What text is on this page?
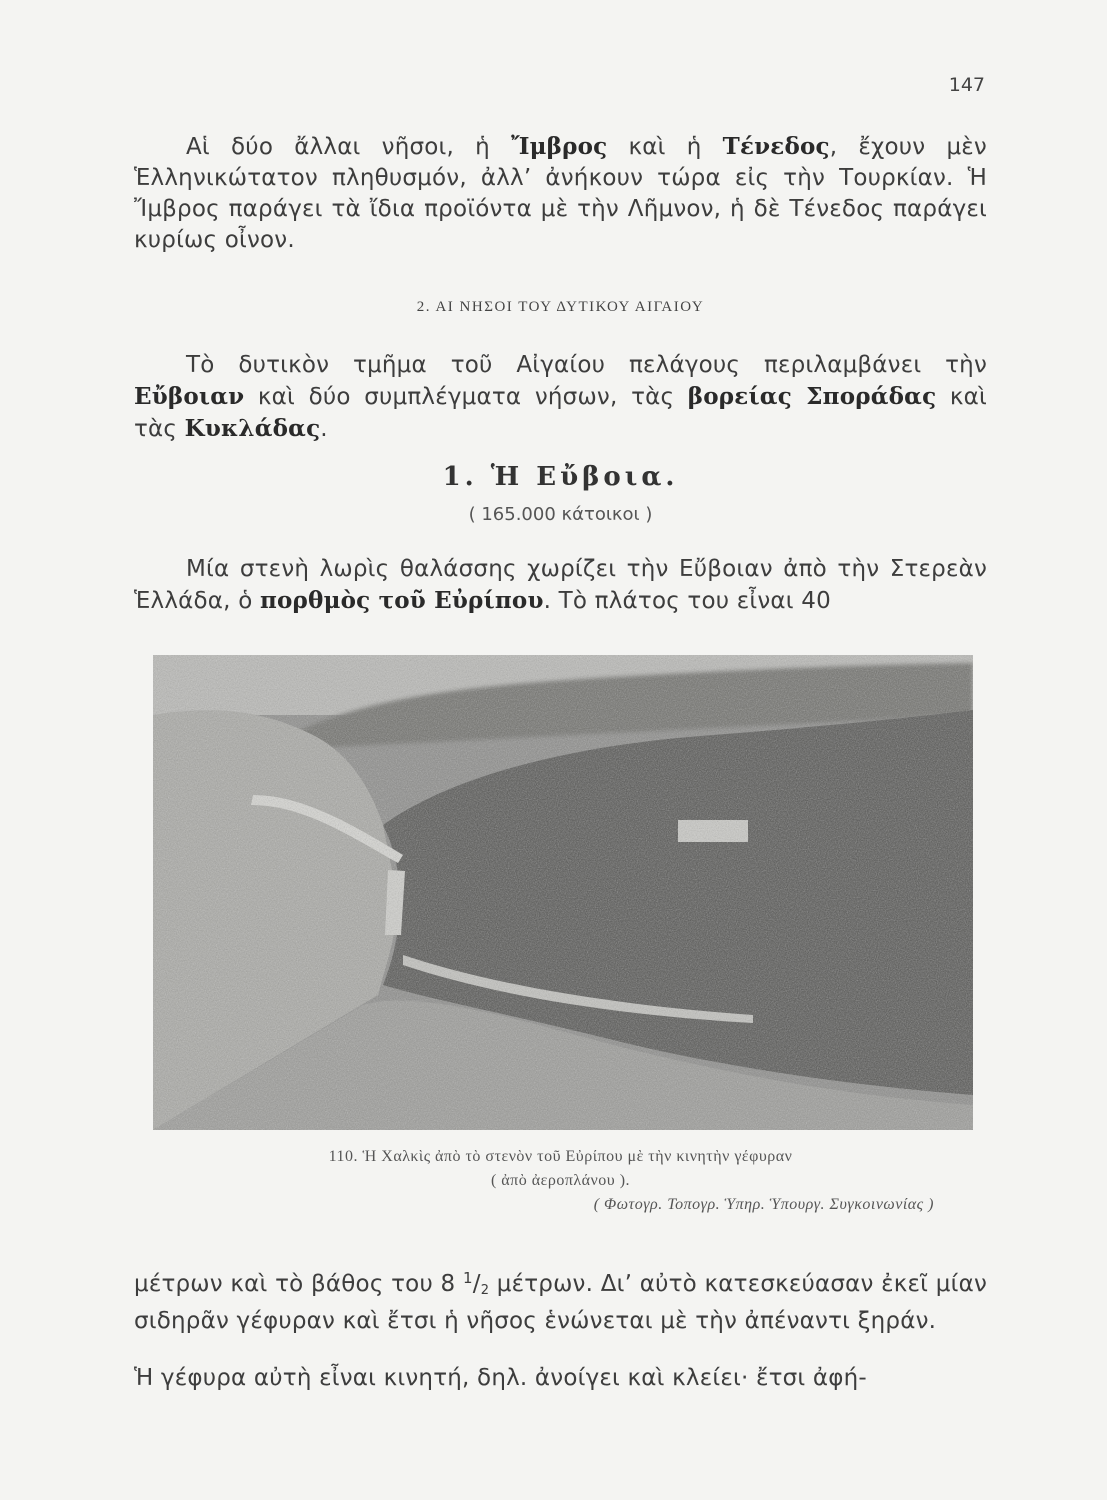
147
Αἱ δύο ἄλλαι νῆσοι, ἡ Ἴμβρος καὶ ἡ Τένεδος, ἔχουν μὲν Ἑλληνικώτατον πληθυσμόν, ἀλλ’ ἀνήκουν τώρα εἰς τὴν Τουρκίαν. Ἡ Ἴμβρος παράγει τὰ ἴδια προϊόντα μὲ τὴν Λῆμνον, ἡ δὲ Τένεδος παράγει κυρίως οἶνον.
2. ΑΙ ΝΗΣΟΙ ΤΟΥ ΔΥΤΙΚΟΥ ΑΙΓΑΙΟΥ
Τὸ δυτικὸν τμῆμα τοῦ Αἰγαίου πελάγους περιλαμβάνει τὴν Εὔβοιαν καὶ δύο συμπλέγματα νήσων, τὰς βορείας Σποράδας καὶ τὰς Κυκλάδας.
1. Ἡ Εὔβοια.
( 165.000 κάτοικοι )
Μία στενὴ λωρὶς θαλάσσης χωρίζει τὴν Εὔβοιαν ἀπὸ τὴν Στερεὰν Ἑλλάδα, ὁ πορθμὸς τοῦ Εὐρίπου. Τὸ πλάτος του εἶναι 40
110. Ἡ Χαλκὶς ἀπὸ τὸ στενὸν τοῦ Εὐρίπου μὲ τὴν κινητὴν γέφυραν
( ἀπὸ ἀεροπλάνου ).
( Φωτογρ. Τοπογρ. Ὑπηρ. Ὑπουργ. Συγκοινωνίας )
μέτρων καὶ τὸ βάθος του 8 $^1$/2 μέτρων. Διʼ αὐτὸ κατεσκεύασαν ἐκεῖ μίαν σιδηρᾶν γέφυραν καὶ ἔτσι ἡ νῆσος ἑνώνεται μὲ τὴν ἀπέναντι ξηράν.
Ἡ γέφυρα αὐτὴ εἶναι κινητή, δηλ. ἀνοίγει καὶ κλείει· ἔτσι ἀφή-
